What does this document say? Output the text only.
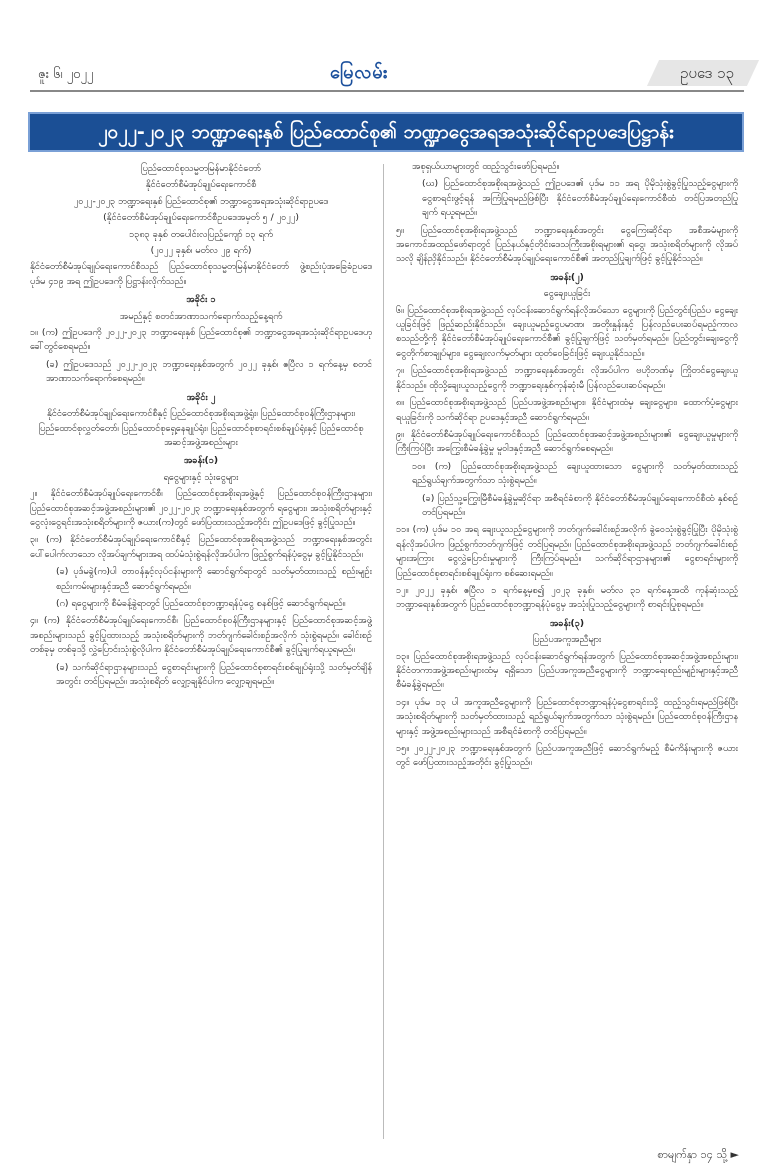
ဇူး ၆၊ ၂၀၂၂	မြေလမ်း	ဥပဒေ ၁၃
၂၀၂၂-၂၀၂၃ ဘဏ္ဍာရေးနှစ် ပြည်ထောင်စု၏ ဘဏ္ဍာငွေအရအသုံးဆိုင်ရာဥပဒေပြဋ္ဌာန်း
ပြည်ထောင်စုသမ္မတမြန်မာနိုင်ငံတော်
နိုင်ငံတော်စီမံအုပ်ချုပ်ရေးကောင်စီ
၂၀၂၂-၂၀၂၃ ဘဏ္ဍာရေးနှစ် ပြည်ထောင်စု၏ ဘဏ္ဍာငွေအရအသုံးဆိုင်ရာဥပဒေ
(နိုင်ငံတော်စီမံအုပ်ချုပ်ရေးကောင်စီဥပဒေအမှတ် ၅ / ၂၀၂၂)
၁၃၈၃ ခုနှစ် တပေါင်းလပြည့်ကျော် ၁၃ ရက်
(၂၀၂၂ ခုနှစ်၊ မတ်လ ၂၉ ရက်)

နိုင်ငံတော်စီမံအုပ်ချုပ်ရေးကောင်စီသည် ပြည်ထောင်စုသမ္မတမြန်မာနိုင်ငံတော် ဖွဲ့စည်းပုံအခြေခံဥပဒေ ပုဒ်မ ၄၁၉ အရ ဤဥပဒေကို ပြဋ္ဌာန်းလိုက်သည်။

အခိုင်း ၁
အမည်နှင့် စတင်အာဏာသက်ရောက်သည့်နေ့ရက်

၁။ (က) ဤဥပဒေကို ၂၀၂၂-၂၀၂၃ ဘဏ္ဍာရေးနှစ် ပြည်ထောင်စု၏ ဘဏ္ဍာငွေအရအသုံးဆိုင်ရာဥပဒေဟု ခေါ်တွင်စေရမည်။

(ခ) ဤဥပဒေသည် ၂၀၂၂-၂၀၂၃ ဘဏ္ဍာရေးနှစ်အတွက် ၂၀၂၂ ခုနှစ်၊ ဧပြီလ ၁ ရက်နေ့မှ စတင်အာဏာသက်ရောက်စေရမည်။

အခိုင်း ၂
နိုင်ငံတော်စီမံအုပ်ချုပ်ရေးကောင်စီနှင့် ပြည်ထောင်စုအစိုးရအဖွဲ့ရုံး၊ ပြည်ထောင်စုဝန်ကြီးဌာနများ၊ ပြည်ထောင်စုလွှတ်တော်၊ ပြည်ထောင်စုရှေ့နေချုပ်ရုံး၊ ပြည်ထောင်စုစာရင်းစစ်ချုပ်ရုံးနှင့် ပြည်ထောင်စုအဆင့်အဖွဲ့အစည်းများ
အခန်း(၁)
ရငွေများနှင့် သုံးငွေများ

၂။ နိုင်ငံတော်စီမံအုပ်ချုပ်ရေးကောင်စီ၊ ပြည်ထောင်စုအစိုးရအဖွဲ့နှင့် ပြည်ထောင်စုဝန်ကြီးဌာနများ၊ ပြည်ထောင်စုအဆင့်အဖွဲ့အစည်းများ၏ ၂၀၂၂-၂၀၂၃ ဘဏ္ဍာရေးနှစ်အတွက် ရငွေများ၊ အသုံးစရိတ်များနှင့် ငွေလုံးငွေရင်းအသုံးစရိတ်များကို ဇယား(က)တွင် ဖော်ပြထားသည့်အတိုင်း ဤဥပဒေဖြင့် ခွင့်ပြုသည်။

၃။ (က) နိုင်ငံတော်စီမံအုပ်ချုပ်ရေးကောင်စီနှင့် ပြည်ထောင်စုအစိုးရအဖွဲ့သည် ဘဏ္ဍာရေးနှစ်အတွင်း ပေါ်ပေါက်လာသော လိုအပ်ချက်များအရ ထပ်မံသုံးစွဲရန်လိုအပ်ပါက ဖြည့်စွက်ရန်ပုံငွေမှ ခွင့်ပြုနိုင်သည်။

(ခ) ပုဒ်မခွဲ(က)ပါ တာဝန်နှင့်လုပ်ငန်းများကို ဆောင်ရွက်ရာတွင် သတ်မှတ်ထားသည့် စည်းမျဉ်းစည်းကမ်းများနှင့်အညီ ဆောင်ရွက်ရမည်။

(ဂ) ရငွေများကို စီမံခန့်ခွဲရာတွင် ပြည်ထောင်စုဘဏ္ဍာရန်ပုံငွေ စနစ်ဖြင့် ဆောင်ရွက်ရမည်။

၄။ (က) နိုင်ငံတော်စီမံအုပ်ချုပ်ရေးကောင်စီ၊ ပြည်ထောင်စုဝန်ကြီးဌာနများနှင့် ပြည်ထောင်စုအဆင့်အဖွဲ့အစည်းများသည် ခွင့်ပြုထားသည့် အသုံးစရိတ်များကို ဘတ်ဂျက်ခေါင်းစဉ်အလိုက် သုံးစွဲရမည်။ ခေါင်းစဉ်တစ်ခုမှ တစ်ခုသို့ လွှဲပြောင်းသုံးစွဲလိုပါက နိုင်ငံတော်စီမံအုပ်ချုပ်ရေးကောင်စီ၏ ခွင့်ပြုချက်ရယူရမည်။

(ခ) သက်ဆိုင်ရာဌာနများသည် ငွေစာရင်းများကို ပြည်ထောင်စုစာရင်းစစ်ချုပ်ရုံးသို့ သတ်မှတ်ချိန်အတွင်း တင်ပြရမည်။ အသုံးစရိတ် လျှော့ချနိုင်ပါက လျှော့ချရမည်။

အစုရှယ်ယာများတွင် ထည့်သွင်းဖော်ပြရမည်။

(ဃ) ပြည်ထောင်စုအစိုးရအဖွဲ့သည် ဤဥပဒေ၏ ပုဒ်မ ၁၁ အရ ပိုမိုသုံးစွဲခွင့်ပြုသည့်ငွေများကို ငွေစာရင်းဖွင့်ရန် အကြံပြုရမည်ဖြစ်ပြီး နိုင်ငံတော်စီမံအုပ်ချုပ်ရေးကောင်စီထံ တင်ပြအတည်ပြုချက် ရယူရမည်။

၅။ ပြည်ထောင်စုအစိုးရအဖွဲ့သည် ဘဏ္ဍာရေးနှစ်အတွင်း ငွေကြေးဆိုင်ရာ အစီအမံများကို အကောင်အထည်ဖော်ရာတွင် ပြည်နယ်နှင့်တိုင်းဒေသကြီးအစိုးရများ၏ ရငွေ၊ အသုံးစရိတ်များကို လိုအပ်သလို ချိန်ညှိနိုင်သည်။ နိုင်ငံတော်စီမံအုပ်ချုပ်ရေးကောင်စီ၏ အတည်ပြုချက်ဖြင့် ခွင့်ပြုနိုင်သည်။

အခန်း(၂)
ငွေချေးယူခြင်း

၆။ ပြည်ထောင်စုအစိုးရအဖွဲ့သည် လုပ်ငန်းဆောင်ရွက်ရန်လိုအပ်သော ငွေများကို ပြည်တွင်းပြည်ပ ငွေချေးယူခြင်းဖြင့် ဖြည့်ဆည်းနိုင်သည်။ ချေးယူမည့်ငွေပမာဏ၊ အတိုးနှုန်းနှင့် ပြန်လည်ပေးဆပ်ရမည့်ကာလ စသည်တို့ကို နိုင်ငံတော်စီမံအုပ်ချုပ်ရေးကောင်စီ၏ ခွင့်ပြုချက်ဖြင့် သတ်မှတ်ရမည်။ ပြည်တွင်းချေးငွေကို ငွေတိုက်စာချုပ်များ၊ ငွေချေးလက်မှတ်များ ထုတ်ဝေခြင်းဖြင့် ချေးယူနိုင်သည်။

၇။ ပြည်ထောင်စုအစိုးရအဖွဲ့သည် ဘဏ္ဍာရေးနှစ်အတွင်း လိုအပ်ပါက ဗဟိုဘဏ်မှ ကြိုတင်ငွေချေးယူနိုင်သည်။ ထိုသို့ချေးယူသည့်ငွေကို ဘဏ္ဍာရေးနှစ်ကုန်ဆုံးမီ ပြန်လည်ပေးဆပ်ရမည်။

၈။ ပြည်ထောင်စုအစိုးရအဖွဲ့သည် ပြည်ပအဖွဲ့အစည်းများ၊ နိုင်ငံများထံမှ ချေးငွေများ၊ ထောက်ပံ့ငွေများ ရယူခြင်းကို သက်ဆိုင်ရာ ဥပဒေနှင့်အညီ ဆောင်ရွက်ရမည်။

၉။ နိုင်ငံတော်စီမံအုပ်ချုပ်ရေးကောင်စီသည် ပြည်ထောင်စုအဆင့်အဖွဲ့အစည်းများ၏ ငွေချေးယူမှုများကို ကြီးကြပ်ပြီး အကြွေးစီမံခန့်ခွဲမှု မူဝါဒနှင့်အညီ ဆောင်ရွက်စေရမည်။

၁၀။ (က) ပြည်ထောင်စုအစိုးရအဖွဲ့သည် ချေးယူထားသော ငွေများကို သတ်မှတ်ထားသည့် ရည်ရွယ်ချက်အတွက်သာ သုံးစွဲရမည်။

(ခ) ပြည်သူ့ကြွေးမြီစီမံခန့်ခွဲမှုဆိုင်ရာ အစီရင်ခံစာကို နိုင်ငံတော်စီမံအုပ်ချုပ်ရေးကောင်စီထံ နှစ်စဉ်တင်ပြရမည်။

၁၁။ (က) ပုဒ်မ ၁၀ အရ ချေးယူသည့်ငွေများကို ဘတ်ဂျက်ခေါင်းစဉ်အလိုက် ခွဲဝေသုံးစွဲခွင့်ပြုပြီး ပိုမိုသုံးစွဲရန်လိုအပ်ပါက ဖြည့်စွက်ဘတ်ဂျက်ဖြင့် တင်ပြရမည်။ ပြည်ထောင်စုအစိုးရအဖွဲ့သည် ဘတ်ဂျက်ခေါင်းစဉ်များအကြား ငွေလွှဲပြောင်းမှုများကို ကြီးကြပ်ရမည်။ သက်ဆိုင်ရာဌာနများ၏ ငွေစာရင်းများကို ပြည်ထောင်စုစာရင်းစစ်ချုပ်ရုံးက စစ်ဆေးရမည်။

၁၂။ ၂၀၂၂ ခုနှစ်၊ ဧပြီလ ၁ ရက်နေ့မှစ၍ ၂၀၂၃ ခုနှစ်၊ မတ်လ ၃၁ ရက်နေ့အထိ ကုန်ဆုံးသည့် ဘဏ္ဍာရေးနှစ်အတွက် ပြည်ထောင်စုဘဏ္ဍာရန်ပုံငွေမှ အသုံးပြုသည့်ငွေများကို စာရင်းပြုစုရမည်။

အခန်း(၃)
ပြည်ပအကူအညီများ

၁၃။ ပြည်ထောင်စုအစိုးရအဖွဲ့သည် လုပ်ငန်းဆောင်ရွက်ရန်အတွက် ပြည်ထောင်စုအဆင့်အဖွဲ့အစည်းများ၊ နိုင်ငံတကာအဖွဲ့အစည်းများထံမှ ရရှိသော ပြည်ပအကူအညီငွေများကို ဘဏ္ဍာရေးစည်းမျဉ်းများနှင့်အညီ စီမံခန့်ခွဲရမည်။

၁၄။ ပုဒ်မ ၁၃ ပါ အကူအညီငွေများကို ပြည်ထောင်စုဘဏ္ဍာရန်ပုံငွေစာရင်းသို့ ထည့်သွင်းရမည်ဖြစ်ပြီး အသုံးစရိတ်များကို သတ်မှတ်ထားသည့် ရည်ရွယ်ချက်အတွက်သာ သုံးစွဲရမည်။ ပြည်ထောင်စုဝန်ကြီးဌာနများနှင့် အဖွဲ့အစည်းများသည် အစီရင်ခံစာကို တင်ပြရမည်။

၁၅။ ၂၀၂၂-၂၀၂၃ ဘဏ္ဍာရေးနှစ်အတွက် ပြည်ပအကူအညီဖြင့် ဆောင်ရွက်မည့် စီမံကိန်းများကို ဇယားတွင် ဖော်ပြထားသည့်အတိုင်း ခွင့်ပြုသည်။

စာမျက်နှာ ၁၄ သို့ ►
